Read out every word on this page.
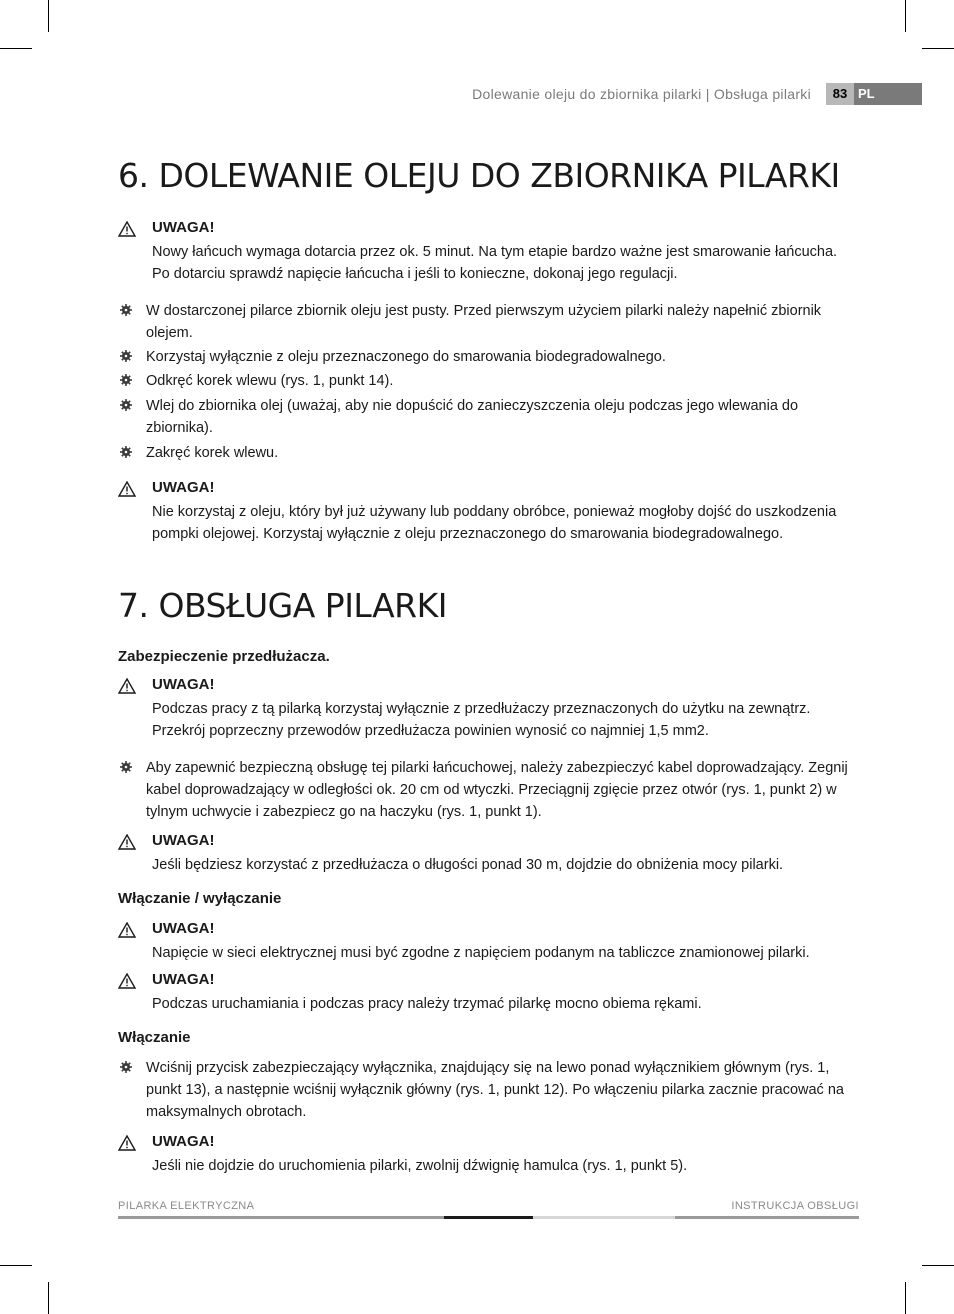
Dolewanie oleju do zbiornika pilarki | Obsługa pilarki	83 PL
6. DOLEWANIE OLEJU DO ZBIORNIKA PILARKI
UWAGA!
Nowy łańcuch wymaga dotarcia przez ok. 5 minut. Na tym etapie bardzo ważne jest smarowanie łańcucha. Po dotarciu sprawdź napięcie łańcucha i jeśli to konieczne, dokonaj jego regulacji.
W dostarczonej pilarce zbiornik oleju jest pusty. Przed pierwszym użyciem pilarki należy napełnić zbiornik olejem.
Korzystaj wyłącznie z oleju przeznaczonego do smarowania biodegradowalnego.
Odkręć korek wlewu (rys. 1, punkt 14).
Wlej do zbiornika olej (uważaj, aby nie dopuścić do zanieczyszczenia oleju podczas jego wlewania do zbiornika).
Zakręć korek wlewu.
UWAGA!
Nie korzystaj z oleju, który był już używany lub poddany obróbce, ponieważ mogłoby dojść do uszkodzenia pompki olejowej. Korzystaj wyłącznie z oleju przeznaczonego do smarowania biodegradowalnego.
7. OBSŁUGA PILARKI
Zabezpieczenie przedłużacza.
UWAGA!
Podczas pracy z tą pilarką korzystaj wyłącznie z przedłużaczy przeznaczonych do użytku na zewnątrz. Przekrój poprzeczny przewodów przedłużacza powinien wynosić co najmniej 1,5 mm2.
Aby zapewnić bezpieczną obsługę tej pilarki łańcuchowej, należy zabezpieczyć kabel doprowadzający. Zegnij kabel doprowadzający w odległości ok. 20 cm od wtyczki. Przeciągnij zgięcie przez otwór (rys. 1, punkt 2) w tylnym uchwycie i zabezpiecz go na haczyku (rys. 1, punkt 1).
UWAGA!
Jeśli będziesz korzystać z przedłużacza o długości ponad 30 m, dojdzie do obniżenia mocy pilarki.
Włączanie / wyłączanie
UWAGA!
Napięcie w sieci elektrycznej musi być zgodne z napięciem podanym na tabliczce znamionowej pilarki.
UWAGA!
Podczas uruchamiania i podczas pracy należy trzymać pilarkę mocno obiema rękami.
Włączanie
Wciśnij przycisk zabezpieczający wyłącznika, znajdujący się na lewo ponad wyłącznikiem głównym (rys. 1, punkt 13), a następnie wciśnij wyłącznik główny (rys. 1, punkt 12). Po włączeniu pilarka zacznie pracować na maksymalnych obrotach.
UWAGA!
Jeśli nie dojdzie do uruchomienia pilarki, zwolnij dźwignię hamulca (rys. 1, punkt 5).
PILARKA ELEKTRYCZNA	INSTRUKCJA OBSŁUGI
